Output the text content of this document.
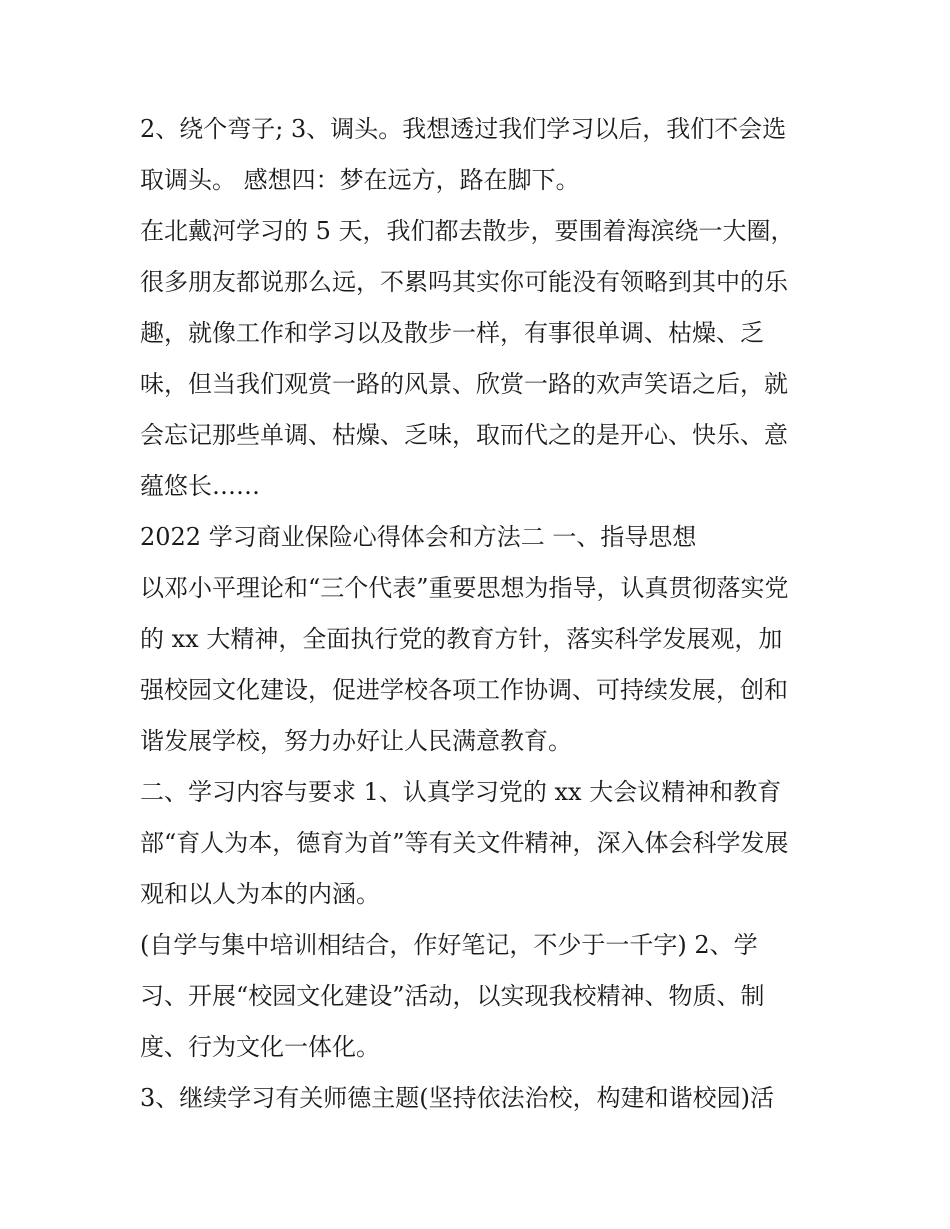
2、绕个弯子; 3、调头。我想透过我们学习以后，我们不会选
取调头。 感想四：梦在远方，路在脚下。
在北戴河学习的 5 天，我们都去散步，要围着海滨绕一大圈，
很多朋友都说那么远，不累吗其实你可能没有领略到其中的乐
趣，就像工作和学习以及散步一样，有事很单调、枯燥、乏
味，但当我们观赏一路的风景、欣赏一路的欢声笑语之后，就
会忘记那些单调、枯燥、乏味，取而代之的是开心、快乐、意
蕴悠长……
2022 学习商业保险心得体会和方法二 一、指导思想
以邓小平理论和“三个代表”重要思想为指导，认真贯彻落实党
的 xx 大精神，全面执行党的教育方针，落实科学发展观，加
强校园文化建设，促进学校各项工作协调、可持续发展，创和
谐发展学校，努力办好让人民满意教育。
二、学习内容与要求 1、认真学习党的 xx 大会议精神和教育
部“育人为本，德育为首”等有关文件精神，深入体会科学发展
观和以人为本的内涵。
(自学与集中培训相结合，作好笔记，不少于一千字) 2、学
习、开展“校园文化建设”活动，以实现我校精神、物质、制
度、行为文化一体化。
3、继续学习有关师德主题(坚持依法治校，构建和谐校园)活
